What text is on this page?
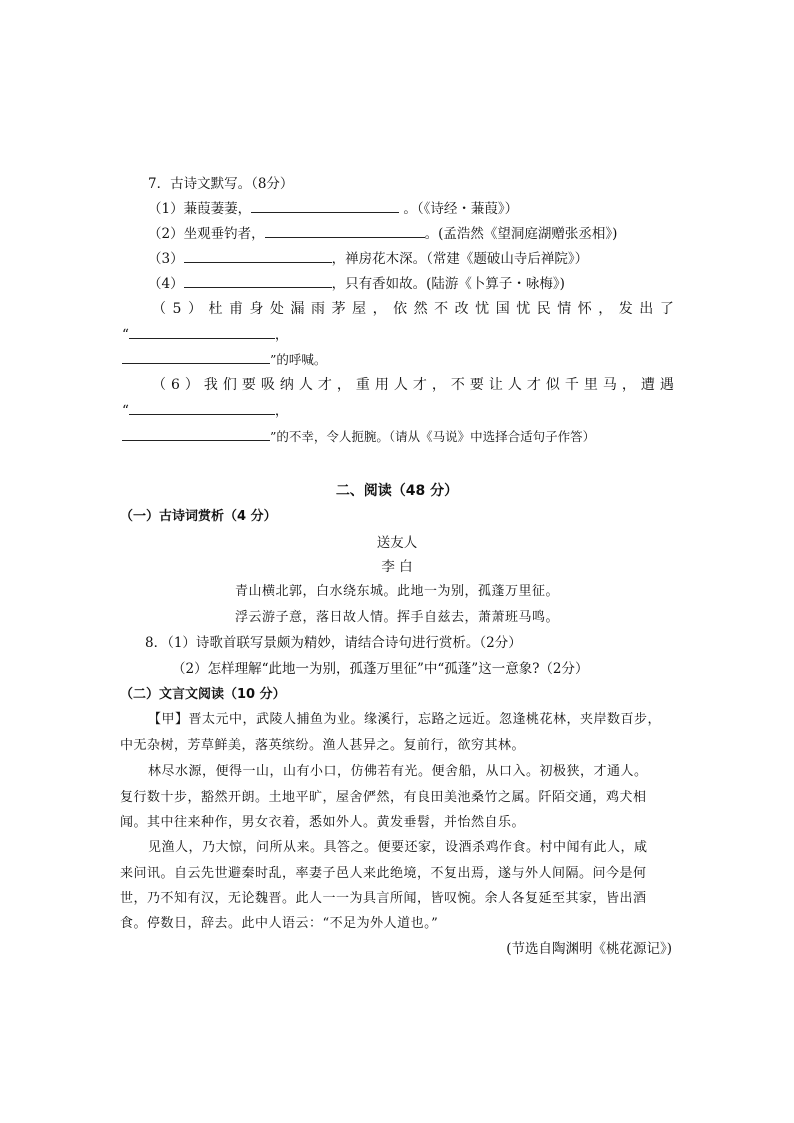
7．古诗文默写。（8分）
（1）蒹葭萋萋，	。（《诗经・蒹葭》）
（2）坐观垂钓者，	。(孟浩然《望洞庭湖赠张丞相》)
（3）	，禅房花木深。（常建《题破山寺后禅院》）
（4）	，只有香如故。(陆游《卜算子・咏梅》)
（ 5 ） 杜 甫 身 处 漏 雨 茅 屋 ， 依 然 不 改 忧 国 忧 民 情 怀 ， 发 出 了
“	，
”的呼喊。
（ 6 ） 我 们 要 吸 纳 人 才 ， 重 用 人 才 ， 不 要 让 人 才 似 千 里 马 ， 遭 遇
“	，
”的不幸，令人扼腕。（请从《马说》中选择合适句子作答）
二、阅读（48 分）
（一）古诗词赏析（4 分）
送友人
李 白
青山横北郭，白水绕东城。此地一为别，孤蓬万里征。
浮云游子意，落日故人情。挥手自兹去，萧萧班马鸣。
8．（1）诗歌首联写景颇为精妙，请结合诗句进行赏析。（2分）
（2）怎样理解“此地一为别，孤蓬万里征”中“孤蓬”这一意象?（2分）
（二）文言文阅读（10 分）
【甲】晋太元中，武陵人捕鱼为业。缘溪行，忘路之远近。忽逢桃花林，夹岸数百步，
中无杂树，芳草鲜美，落英缤纷。渔人甚异之。复前行，欲穷其林。
林尽水源，便得一山，山有小口，仿佛若有光。便舍船，从口入。初极狭，才通人。
复行数十步，豁然开朗。土地平旷，屋舍俨然，有良田美池桑竹之属。阡陌交通，鸡犬相
闻。其中往来种作，男女衣着，悉如外人。黄发垂髫，并怡然自乐。
见渔人，乃大惊，问所从来。具答之。便要还家，设酒杀鸡作食。村中闻有此人，咸
来问讯。自云先世避秦时乱，率妻子邑人来此绝境，不复出焉，遂与外人间隔。问今是何
世，乃不知有汉，无论魏晋。此人一一为具言所闻，皆叹惋。余人各复延至其家，皆出酒
食。停数日，辞去。此中人语云：“不足为外人道也。”
(节选自陶渊明《桃花源记》)
